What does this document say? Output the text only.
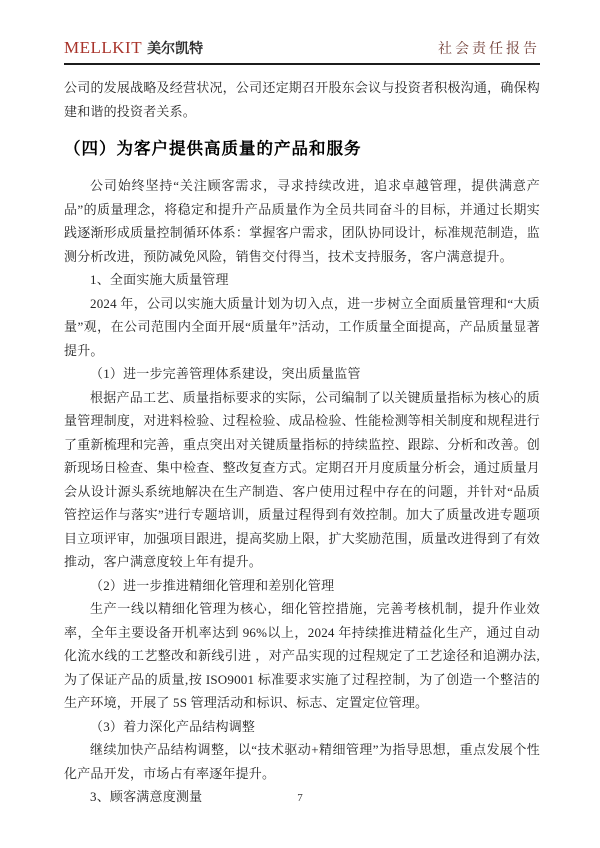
MELLKIT 美尔凯特	社会责任报告

公司的发展战略及经营状况，公司还定期召开股东会议与投资者积极沟通，确保构建和谐的投资者关系。

（四）为客户提供高质量的产品和服务

公司始终坚持“关注顾客需求，寻求持续改进，追求卓越管理，提供满意产品”的质量理念，将稳定和提升产品质量作为全员共同奋斗的目标，并通过长期实践逐渐形成质量控制循环体系：掌握客户需求，团队协同设计，标准规范制造，监测分析改进，预防减免风险，销售交付得当，技术支持服务，客户满意提升。

1、全面实施大质量管理

2024 年，公司以实施大质量计划为切入点，进一步树立全面质量管理和“大质量”观，在公司范围内全面开展“质量年”活动，工作质量全面提高，产品质量显著提升。

（1）进一步完善管理体系建设，突出质量监管

根据产品工艺、质量指标要求的实际，公司编制了以关键质量指标为核心的质量管理制度，对进料检验、过程检验、成品检验、性能检测等相关制度和规程进行了重新梳理和完善，重点突出对关键质量指标的持续监控、跟踪、分析和改善。创新现场日检查、集中检查、整改复查方式。定期召开月度质量分析会，通过质量月会从设计源头系统地解决在生产制造、客户使用过程中存在的问题，并针对“品质管控运作与落实”进行专题培训，质量过程得到有效控制。加大了质量改进专题项目立项评审，加强项目跟进，提高奖励上限，扩大奖励范围，质量改进得到了有效推动，客户满意度较上年有提升。

（2）进一步推进精细化管理和差别化管理

生产一线以精细化管理为核心，细化管控措施，完善考核机制，提升作业效率，全年主要设备开机率达到 96%以上，2024 年持续推进精益化生产，通过自动化流水线的工艺整改和新线引进 ，对产品实现的过程规定了工艺途径和追溯办法,为了保证产品的质量,按 ISO9001 标准要求实施了过程控制，为了创造一个整洁的生产环境，开展了 5S 管理活动和标识、标志、定置定位管理。

（3）着力深化产品结构调整

继续加快产品结构调整，以“技术驱动+精细管理”为指导思想，重点发展个性化产品开发，市场占有率逐年提升。

3、顾客满意度测量	7
